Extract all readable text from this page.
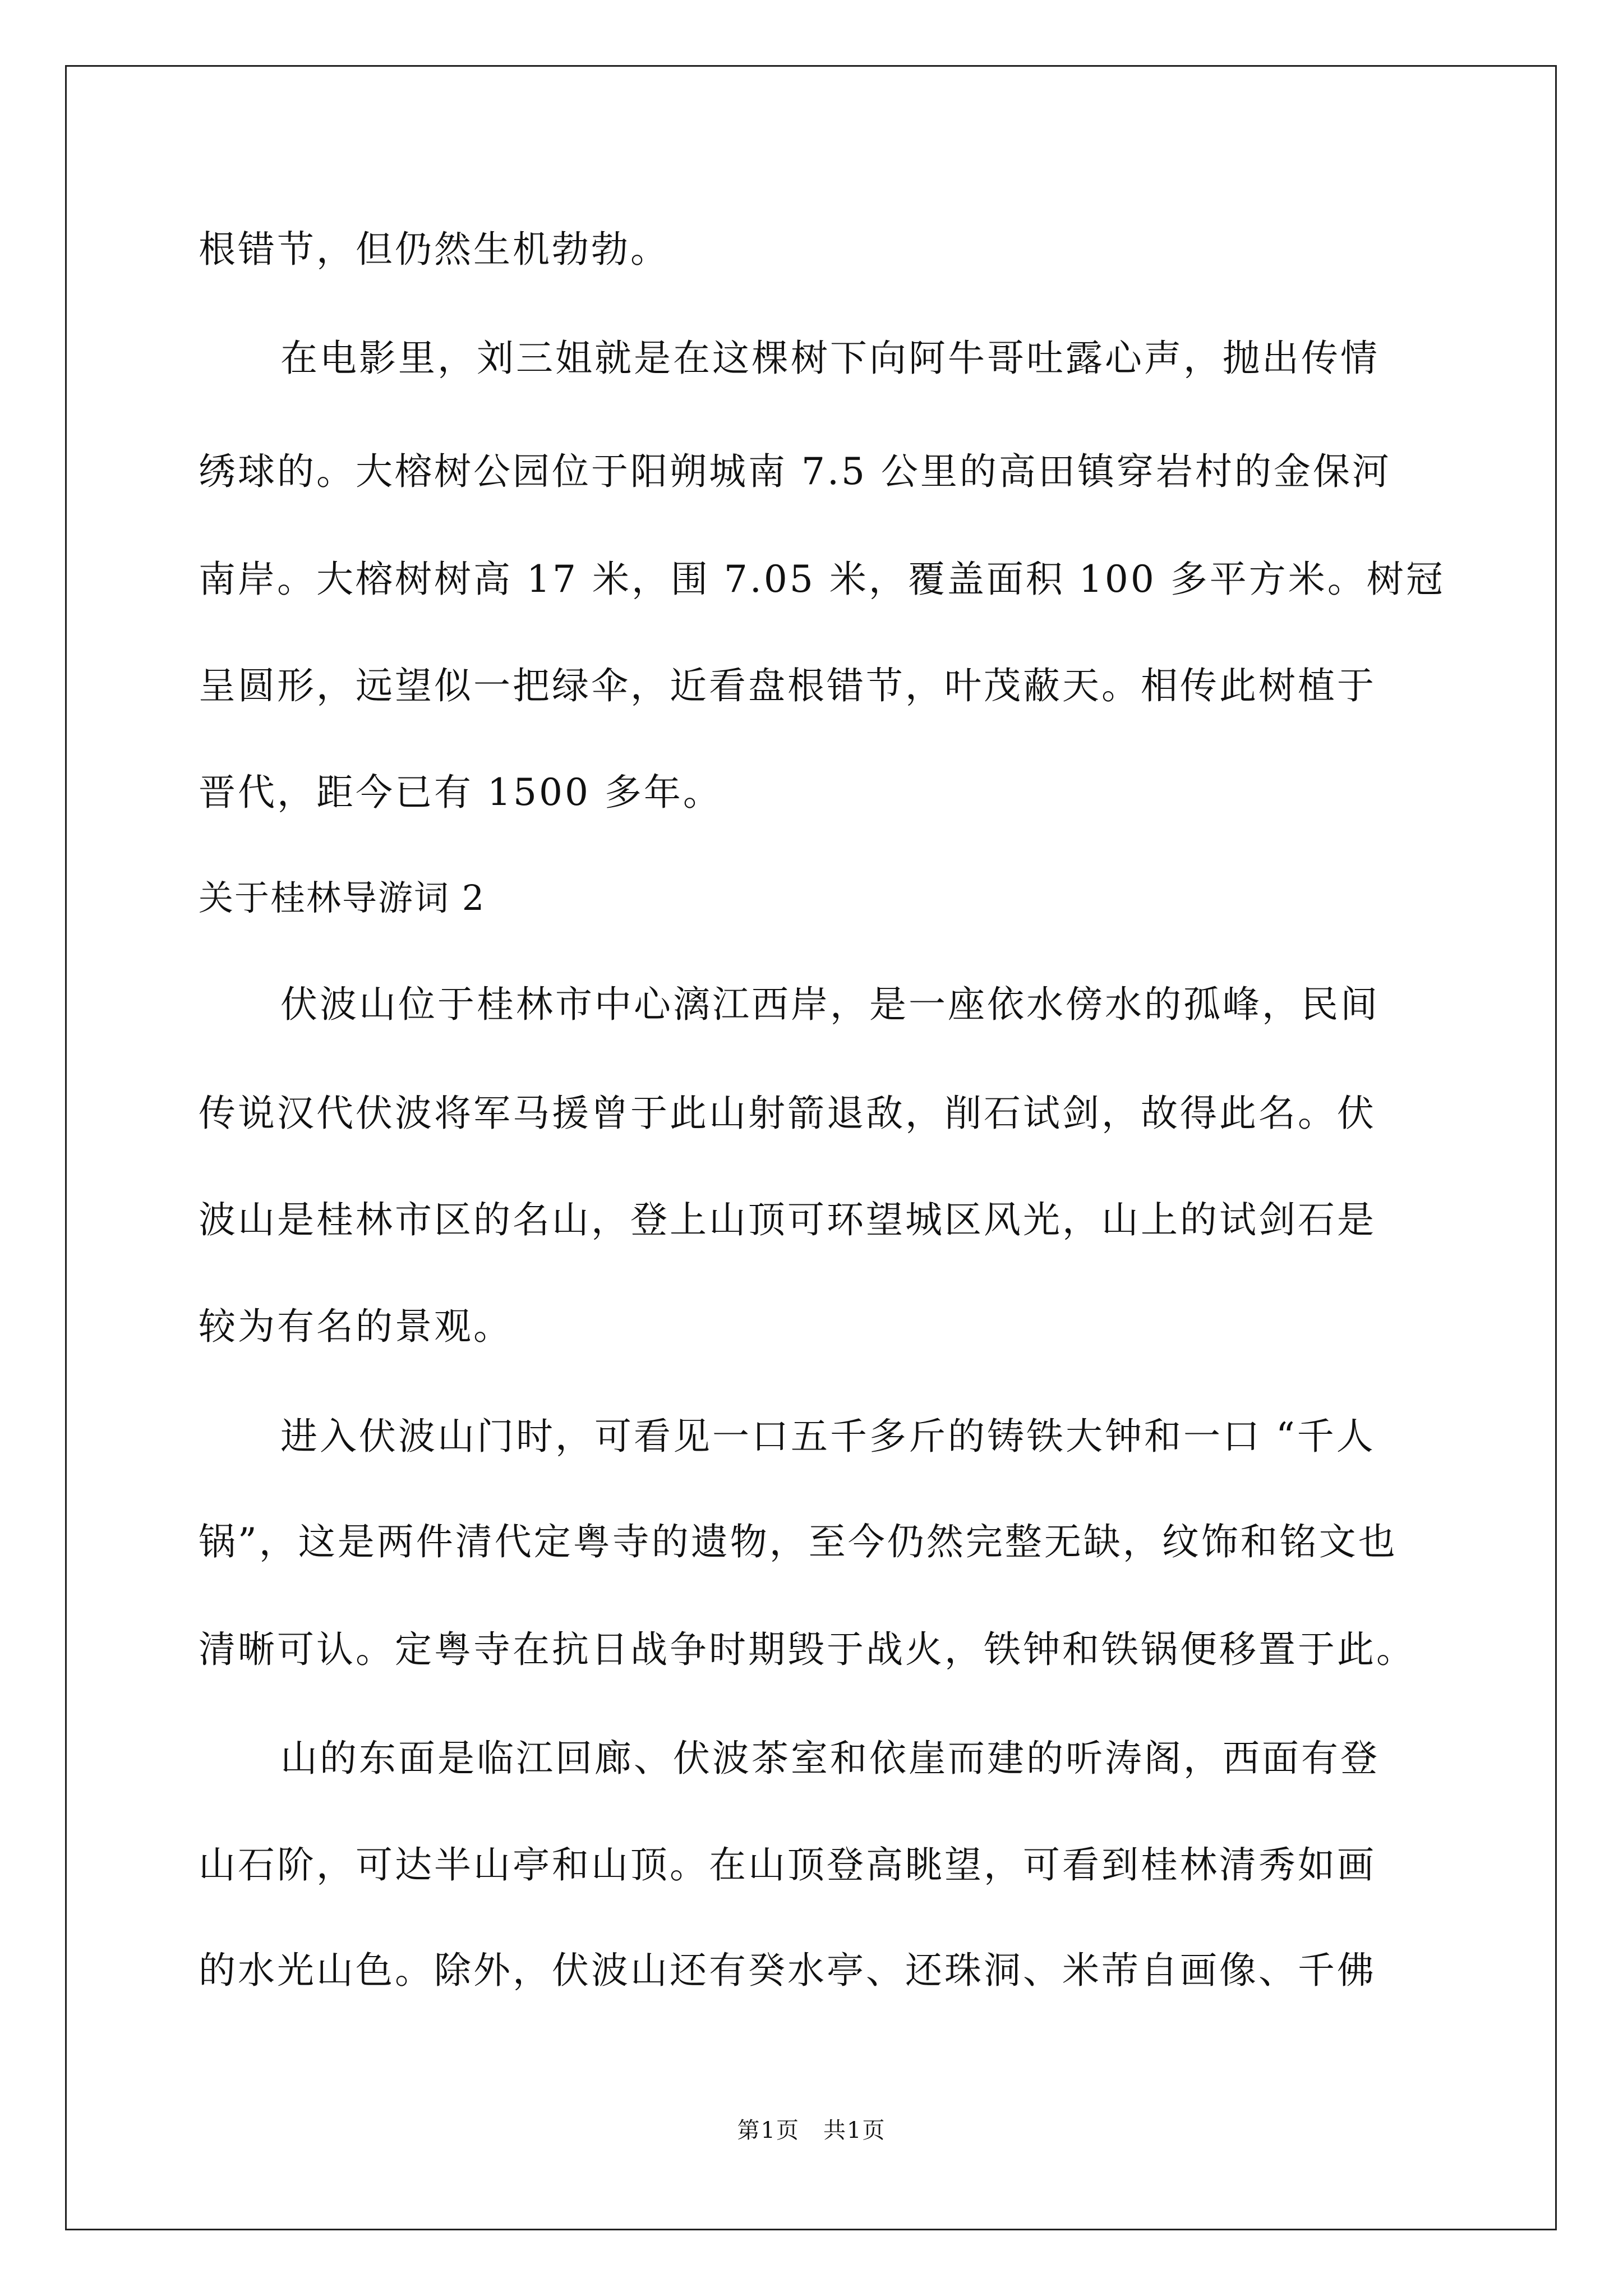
根错节，但仍然生机勃勃。
在电影里，刘三姐就是在这棵树下向阿牛哥吐露心声，抛出传情
绣球的。大榕树公园位于阳朔城南 7.5 公里的高田镇穿岩村的金保河
南岸。大榕树树高 17 米，围 7.05 米，覆盖面积 100 多平方米。树冠
呈圆形，远望似一把绿伞，近看盘根错节，叶茂蔽天。相传此树植于
晋代，距今已有 1500 多年。
关于桂林导游词 2
伏波山位于桂林市中心漓江西岸，是一座依水傍水的孤峰，民间
传说汉代伏波将军马援曾于此山射箭退敌，削石试剑，故得此名。伏
波山是桂林市区的名山，登上山顶可环望城区风光，山上的试剑石是
较为有名的景观。
进入伏波山门时，可看见一口五千多斤的铸铁大钟和一口 “千人
锅”，这是两件清代定粤寺的遗物，至今仍然完整无缺，纹饰和铭文也
清晰可认。定粤寺在抗日战争时期毁于战火，铁钟和铁锅便移置于此。
山的东面是临江回廊、伏波茶室和依崖而建的听涛阁，西面有登
山石阶，可达半山亭和山顶。在山顶登高眺望，可看到桂林清秀如画
的水光山色。除外，伏波山还有癸水亭、还珠洞、米芾自画像、千佛
第1页　共1页
